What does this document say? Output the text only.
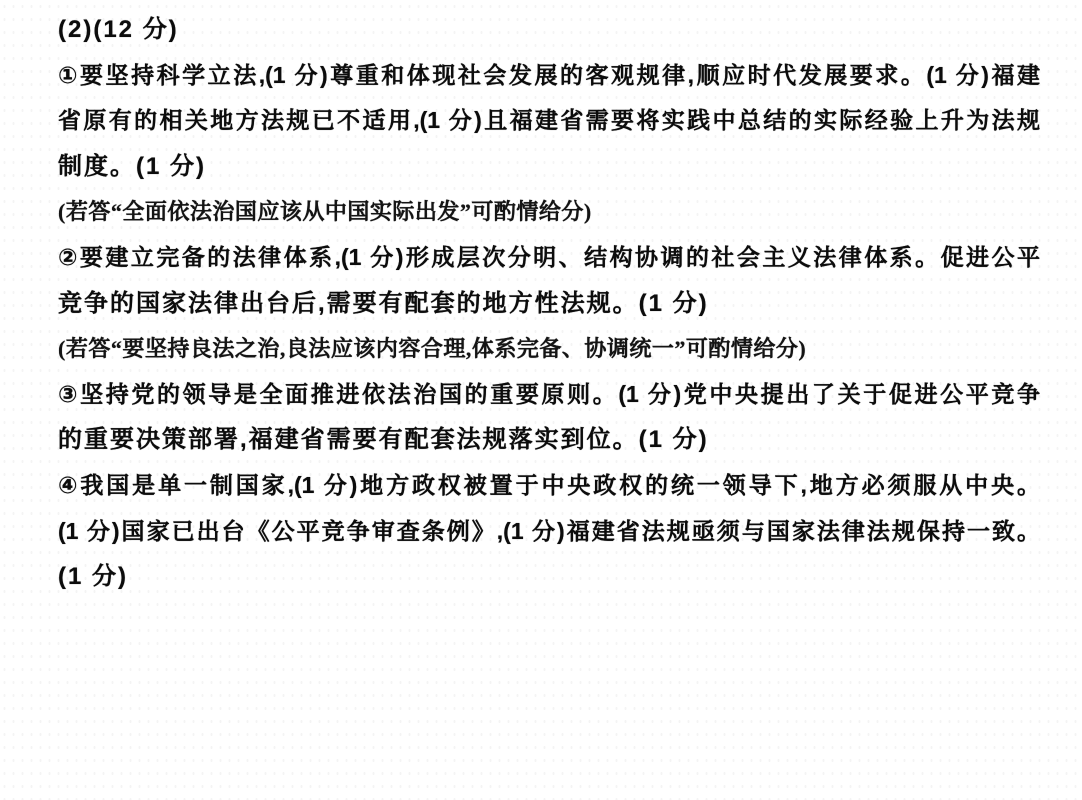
(2)(12 分)
①要坚持科学立法,(1 分)尊重和体现社会发展的客观规律,顺应时代发展要求。(1 分)福建
省原有的相关地方法规已不适用,(1 分)且福建省需要将实践中总结的实际经验上升为法规
制度。(1 分)
(若答“全面依法治国应该从中国实际出发”可酌情给分)
②要建立完备的法律体系,(1 分)形成层次分明、结构协调的社会主义法律体系。促进公平
竞争的国家法律出台后,需要有配套的地方性法规。(1 分)
(若答“要坚持良法之治,良法应该内容合理,体系完备、协调统一”可酌情给分)
③坚持党的领导是全面推进依法治国的重要原则。(1 分)党中央提出了关于促进公平竞争
的重要决策部署,福建省需要有配套法规落实到位。(1 分)
④我国是单一制国家,(1 分)地方政权被置于中央政权的统一领导下,地方必须服从中央。
(1 分)国家已出台《公平竞争审查条例》,(1 分)福建省法规亟须与国家法律法规保持一致。
(1 分)
